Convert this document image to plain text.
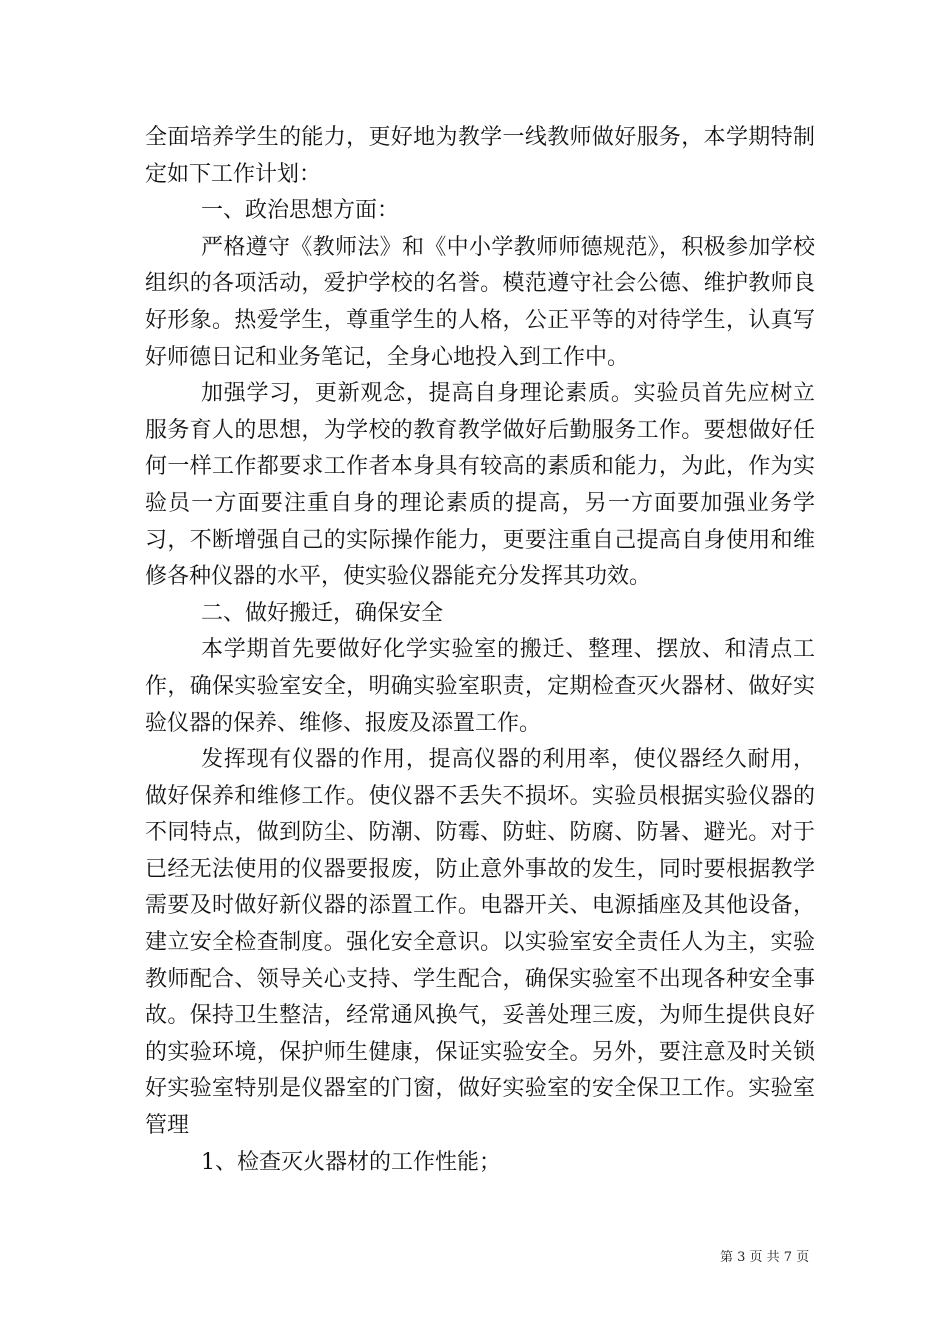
全面培养学生的能力，更好地为教学一线教师做好服务，本学期特制定如下工作计划：

一、政治思想方面：

严格遵守《教师法》和《中小学教师师德规范》，积极参加学校组织的各项活动，爱护学校的名誉。模范遵守社会公德、维护教师良好形象。热爱学生，尊重学生的人格，公正平等的对待学生，认真写好师德日记和业务笔记，全身心地投入到工作中。

加强学习，更新观念，提高自身理论素质。实验员首先应树立服务育人的思想，为学校的教育教学做好后勤服务工作。要想做好任何一样工作都要求工作者本身具有较高的素质和能力，为此，作为实验员一方面要注重自身的理论素质的提高，另一方面要加强业务学习，不断增强自己的实际操作能力，更要注重自己提高自身使用和维修各种仪器的水平，使实验仪器能充分发挥其功效。

二、做好搬迁，确保安全

本学期首先要做好化学实验室的搬迁、整理、摆放、和清点工作，确保实验室安全，明确实验室职责，定期检查灭火器材、做好实验仪器的保养、维修、报废及添置工作。

发挥现有仪器的作用，提高仪器的利用率，使仪器经久耐用，做好保养和维修工作。使仪器不丢失不损坏。实验员根据实验仪器的不同特点，做到防尘、防潮、防霉、防蛀、防腐、防暑、避光。对于已经无法使用的仪器要报废，防止意外事故的发生，同时要根据教学需要及时做好新仪器的添置工作。电器开关、电源插座及其他设备，建立安全检查制度。强化安全意识。以实验室安全责任人为主，实验教师配合、领导关心支持、学生配合，确保实验室不出现各种安全事故。保持卫生整洁，经常通风换气，妥善处理三废，为师生提供良好的实验环境，保护师生健康，保证实验安全。另外，要注意及时关锁好实验室特别是仪器室的门窗，做好实验室的安全保卫工作。实验室管理

1、检查灭火器材的工作性能；

第 3 页 共 7 页
